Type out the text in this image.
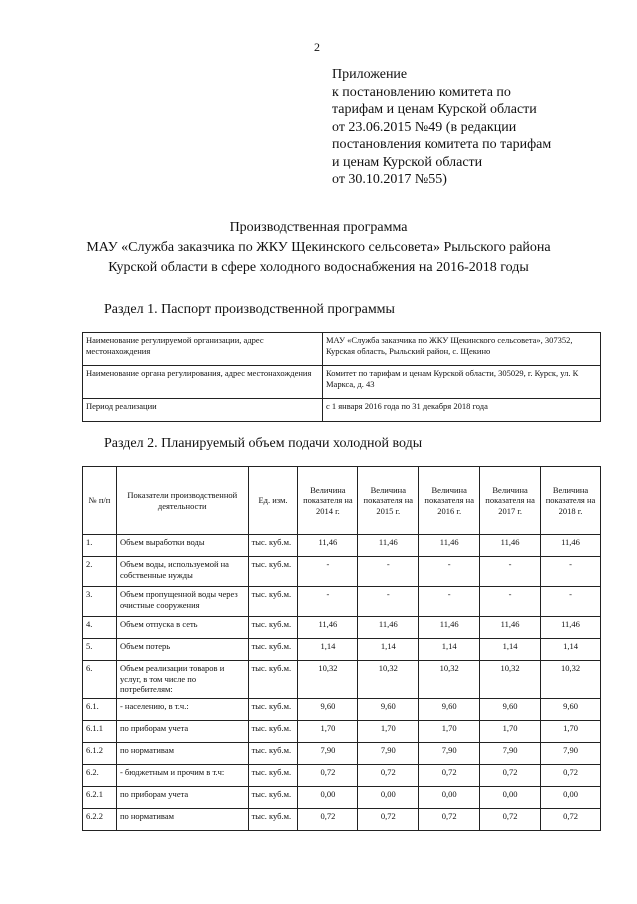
2
Приложение
к постановлению комитета по
тарифам и ценам Курской области
от 23.06.2015 №49 (в редакции
постановления комитета по тарифам
и ценам Курской области
от 30.10.2017 №55)
Производственная программа
МАУ «Служба заказчика по ЖКУ Щекинского сельсовета» Рыльского района
Курской области в сфере холодного водоснабжения на 2016-2018 годы
Раздел 1. Паспорт производственной программы
Наименование регулируемой организации, адрес местонахождения	МАУ «Служба заказчика по ЖКУ Щекинского сельсовета», 307352, Курская область, Рыльский район, с. Щекино
Наименование органа регулирования, адрес местонахождения	Комитет по тарифам и ценам Курской области, 305029, г. Курск, ул. К Маркса, д. 43
Период реализации	с 1 января 2016 года по 31 декабря 2018 года
Раздел 2. Планируемый объем подачи холодной воды
№ п/п	Показатели производственной деятельности	Ед. изм.	Величина показателя на 2014 г.	Величина показателя на 2015 г.	Величина показателя на 2016 г.	Величина показателя на 2017 г.	Величина показателя на 2018 г.
1.	Объем выработки воды	тыс. куб.м.	11,46	11,46	11,46	11,46	11,46
2.	Объем воды, используемой на собственные нужды	тыс. куб.м.	-	-	-	-	-
3.	Объем пропущенной воды через очистные сооружения	тыс. куб.м.	-	-	-	-	-
4.	Объем отпуска в сеть	тыс. куб.м.	11,46	11,46	11,46	11,46	11,46
5.	Объем потерь	тыс. куб.м.	1,14	1,14	1,14	1,14	1,14
6.	Объем реализации товаров и услуг, в том числе по потребителям:	тыс. куб.м.	10,32	10,32	10,32	10,32	10,32
6.1.	- населению, в т.ч.:	тыс. куб.м.	9,60	9,60	9,60	9,60	9,60
6.1.1	по приборам учета	тыс. куб.м.	1,70	1,70	1,70	1,70	1,70
6.1.2	по нормативам	тыс. куб.м.	7,90	7,90	7,90	7,90	7,90
6.2.	- бюджетным и прочим в т.ч:	тыс. куб.м.	0,72	0,72	0,72	0,72	0,72
6.2.1	по приборам учета	тыс. куб.м.	0,00	0,00	0,00	0,00	0,00
6.2.2	по нормативам	тыс. куб.м.	0,72	0,72	0,72	0,72	0,72
